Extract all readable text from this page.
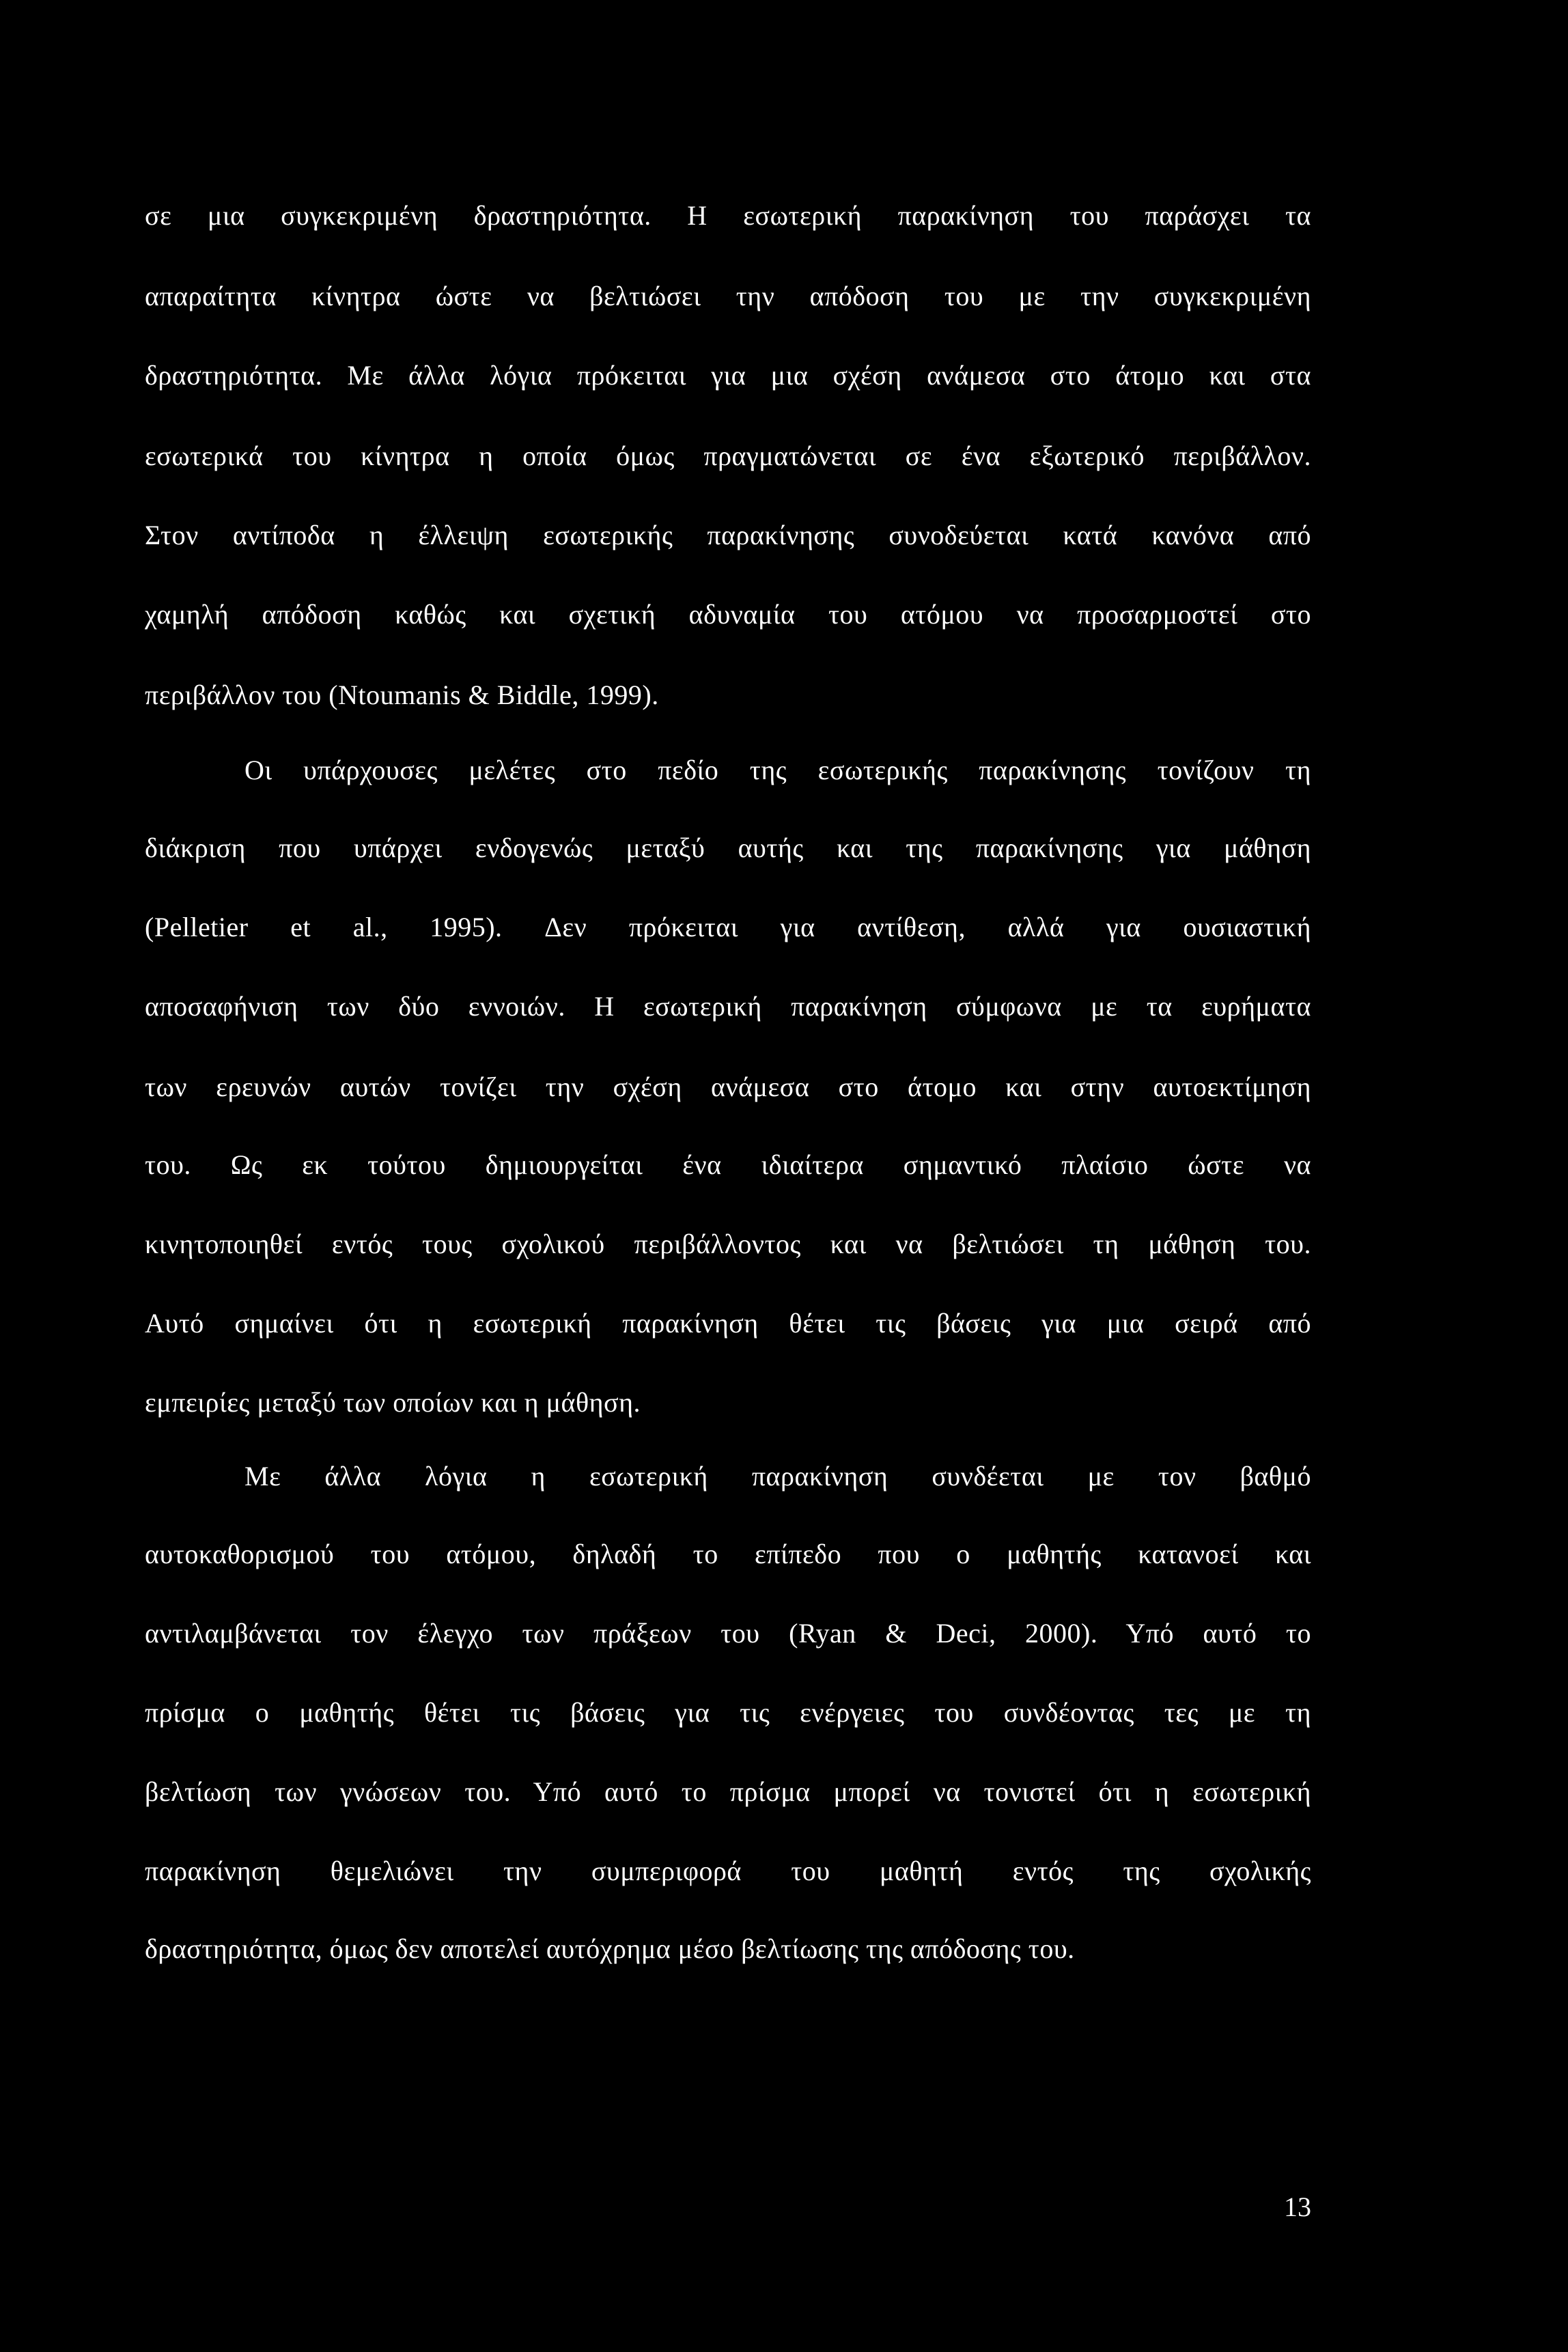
σε μια συγκεκριμένη δραστηριότητα. Η εσωτερική παρακίνηση του παράσχει τα
απαραίτητα κίνητρα ώστε να βελτιώσει την απόδοση του με την συγκεκριμένη
δραστηριότητα. Με άλλα λόγια πρόκειται για μια σχέση ανάμεσα στο άτομο και στα
εσωτερικά του κίνητρα η οποία όμως πραγματώνεται σε ένα εξωτερικό περιβάλλον.
Στον αντίποδα η έλλειψη εσωτερικής παρακίνησης συνοδεύεται κατά κανόνα από
χαμηλή απόδοση καθώς και σχετική αδυναμία του ατόμου να προσαρμοστεί στο
περιβάλλον του (Ntoumanis & Biddle, 1999).
Οι υπάρχουσες μελέτες στο πεδίο της εσωτερικής παρακίνησης τονίζουν τη
διάκριση που υπάρχει ενδογενώς μεταξύ αυτής και της παρακίνησης για μάθηση
(Pelletier et al., 1995). Δεν πρόκειται για αντίθεση, αλλά για ουσιαστική
αποσαφήνιση των δύο εννοιών. Η εσωτερική παρακίνηση σύμφωνα με τα ευρήματα
των ερευνών αυτών τονίζει την σχέση ανάμεσα στο άτομο και στην αυτοεκτίμηση
του. Ως εκ τούτου δημιουργείται ένα ιδιαίτερα σημαντικό πλαίσιο ώστε να
κινητοποιηθεί εντός τους σχολικού περιβάλλοντος και να βελτιώσει τη μάθηση του.
Αυτό σημαίνει ότι η εσωτερική παρακίνηση θέτει τις βάσεις για μια σειρά από
εμπειρίες μεταξύ των οποίων και η μάθηση.
Με άλλα λόγια η εσωτερική παρακίνηση συνδέεται με τον βαθμό
αυτοκαθορισμού του ατόμου, δηλαδή το επίπεδο που ο μαθητής κατανοεί και
αντιλαμβάνεται τον έλεγχο των πράξεων του (Ryan & Deci, 2000). Υπό αυτό το
πρίσμα ο μαθητής θέτει τις βάσεις για τις ενέργειες του συνδέοντας τες με τη
βελτίωση των γνώσεων του. Υπό αυτό το πρίσμα μπορεί να τονιστεί ότι η εσωτερική
παρακίνηση θεμελιώνει την συμπεριφορά του μαθητή εντός της σχολικής
δραστηριότητα, όμως δεν αποτελεί αυτόχρημα μέσο βελτίωσης της απόδοσης του.
13
